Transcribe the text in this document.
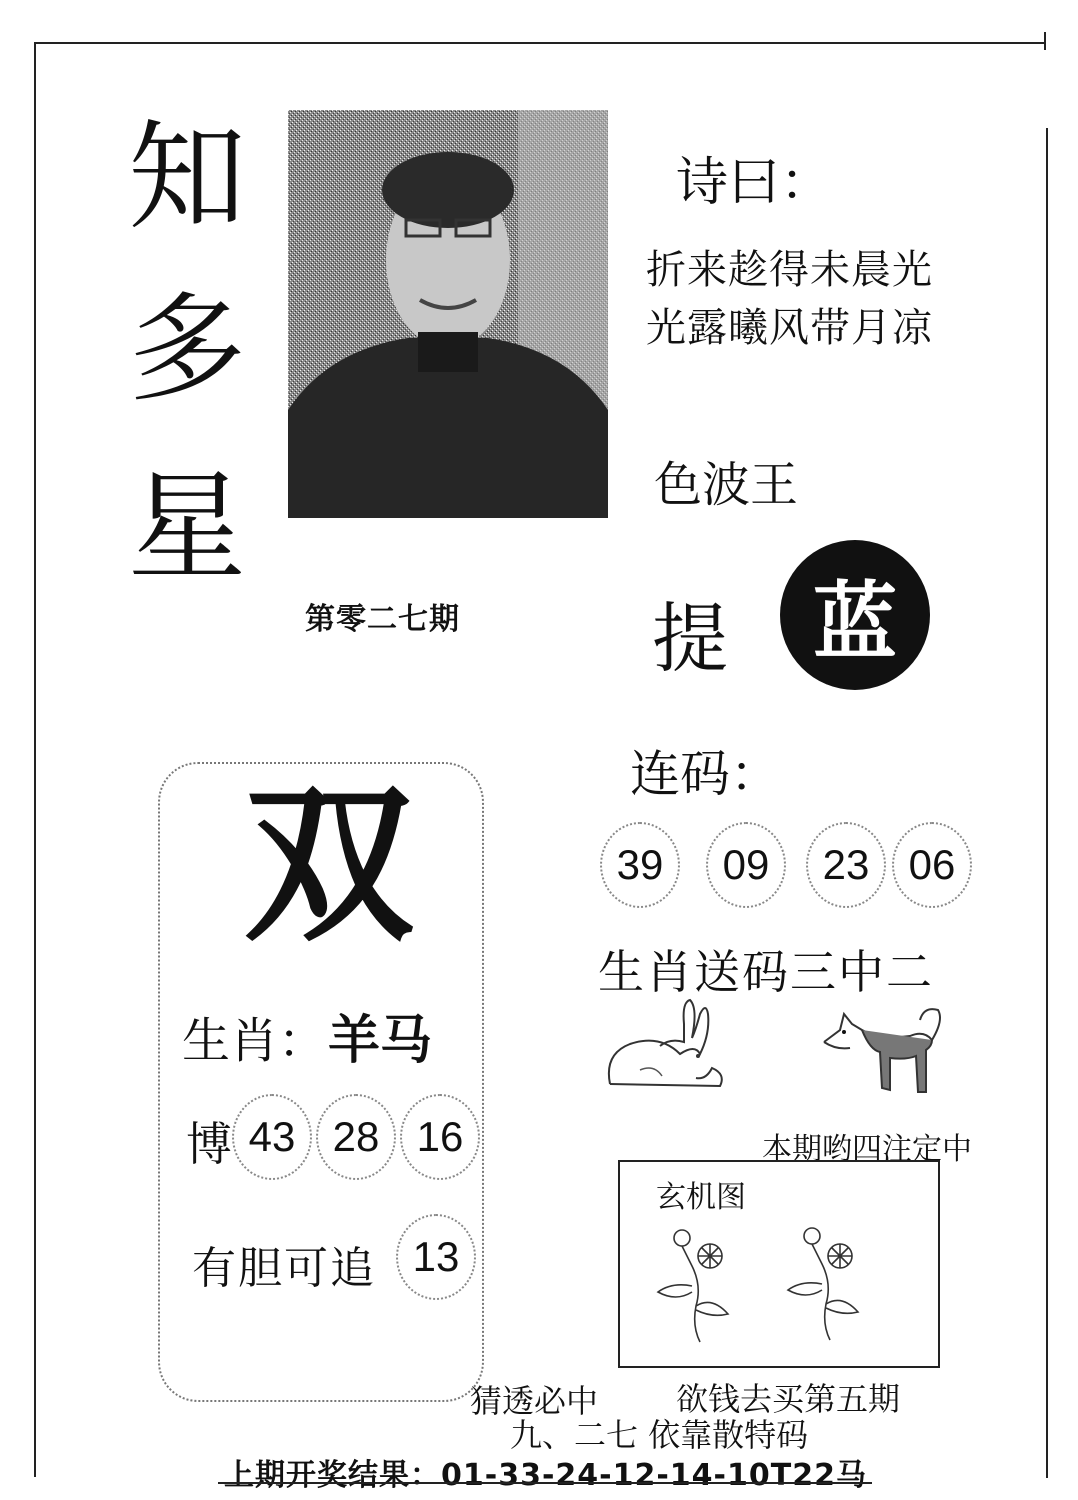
知
多
星
第零二七期
诗曰：
折来趁得未晨光
光露曦风带月凉
色波王
提 蓝
连码：
39	09	23 06
生肖送码三中二
本期哟四注定中
双
生肖： 羊马
博 43 28 16
有胆可追 13
玄机图
猜透必中 欲钱去买第五期
九、二七 依靠散特码
上期开奖结果：01-33-24-12-14-10T22马
